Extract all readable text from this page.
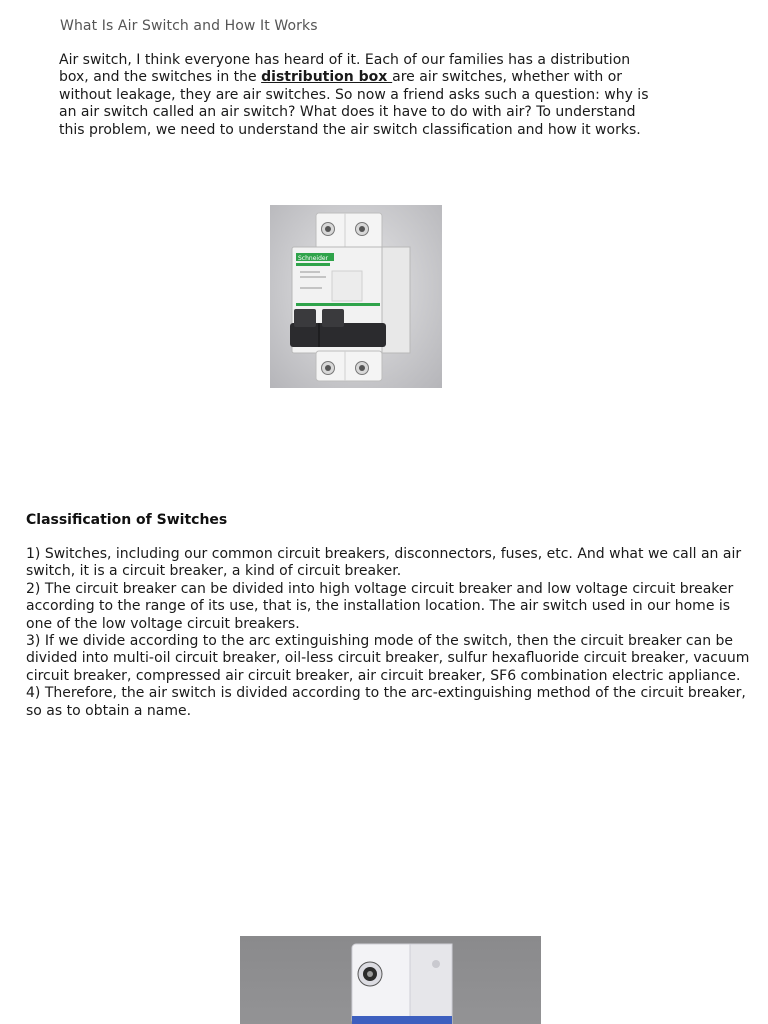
What Is Air Switch and How It Works
Air switch, I think everyone has heard of it. Each of our families has a distribution box, and the switches in the distribution box are air switches, whether with or without leakage, they are air switches. So now a friend asks such a question: why is an air switch called an air switch? What does it have to do with air? To understand this problem, we need to understand the air switch classification and how it works.
Schneider
Classification of Switches

1) Switches, including our common circuit breakers, disconnectors, fuses, etc. And what we call an air switch, it is a circuit breaker, a kind of circuit breaker.

2) The circuit breaker can be divided into high voltage circuit breaker and low voltage circuit breaker according to the range of its use, that is, the installation location. The air switch used in our home is one of the low voltage circuit breakers.

3) If we divide according to the arc extinguishing mode of the switch, then the circuit breaker can be divided into multi-oil circuit breaker, oil-less circuit breaker, sulfur hexafluoride circuit breaker, vacuum circuit breaker, compressed air circuit breaker, air circuit breaker, SF6 combination electric appliance.

4) Therefore, the air switch is divided according to the arc-extinguishing method of the circuit breaker, so as to obtain a name.
